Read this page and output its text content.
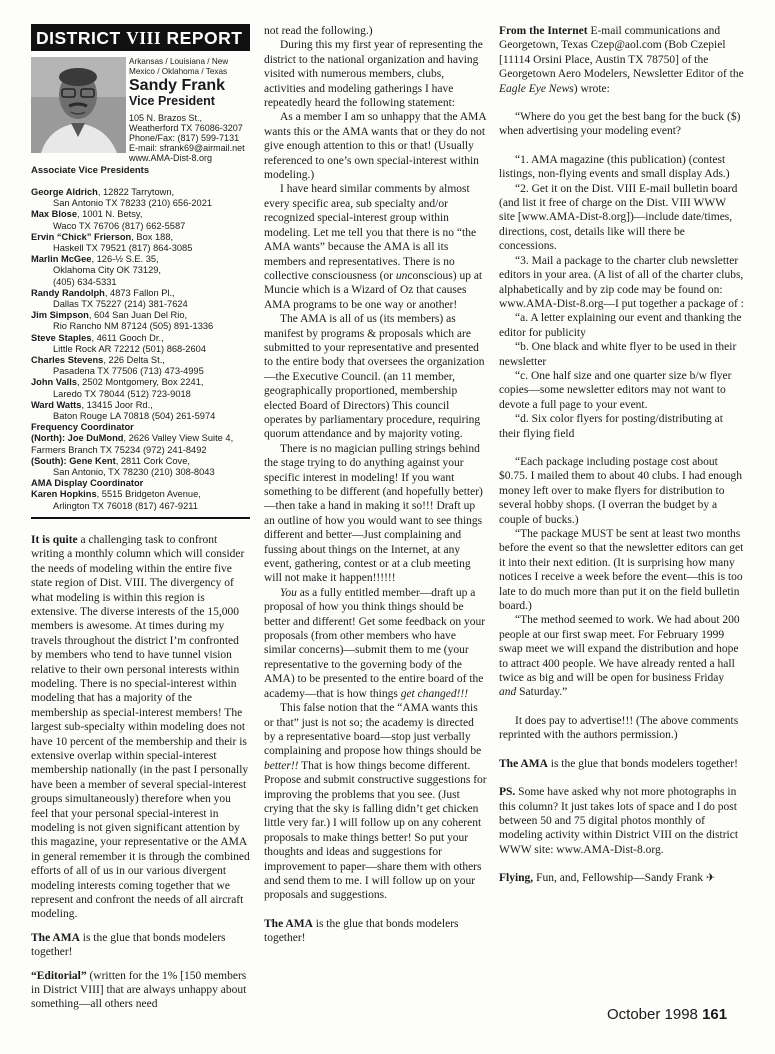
DISTRICT VIII REPORT
Arkansas / Louisiana / New
Mexico / Oklahoma / Texas
Sandy Frank
Vice President
105 N. Brazos St.,
Weatherford TX 76086-3207
Phone/Fax: (817) 599-7131
E-mail: sfrank69@airmail.net
www.AMA-Dist-8.org
Associate Vice Presidents
George Aldrich, 12822 Tarrytown,
San Antonio TX 78233 (210) 656-2021
Max Blose, 1001 N. Betsy,
Waco TX 76706 (817) 662-5587
Ervin “Chick” Frierson, Box 188,
Haskell TX 79521 (817) 864-3085
Marlin McGee, 126-½ S.E. 35,
Oklahoma City OK 73129,
(405) 634-5331
Randy Randolph, 4873 Fallon Pl.,
Dallas TX 75227 (214) 381-7624
Jim Simpson, 604 San Juan Del Rio,
Rio Rancho NM 87124 (505) 891-1336
Steve Staples, 4611 Gooch Dr.,
Little Rock AR 72212 (501) 868-2604
Charles Stevens, 226 Delta St.,
Pasadena TX 77506 (713) 473-4995
John Valls, 2502 Montgomery, Box 2241,
Laredo TX 78044 (512) 723-9018
Ward Watts, 13415 Joor Rd.,
Baton Rouge LA 70818 (504) 261-5974
Frequency Coordinator
(North): Joe DuMond, 2626 Valley View Suite 4,
Farmers Branch TX 75234 (972) 241-8492
(South): Gene Kent, 2811 Cork Cove,
San Antonio, TX 78230 (210) 308-8043
AMA Display Coordinator
Karen Hopkins, 5515 Bridgeton Avenue,
Arlington TX 76018 (817) 467-9211

It is quite a challenging task to confront writing a monthly column which will consider the needs of modeling within the entire five state region of Dist. VIII. The divergency of what modeling is within this region is extensive. The diverse interests of the 15,000 members is awesome. At times during my travels throughout the district I’m confronted by members who tend to have tunnel vision relative to their own personal interests within modeling. There is no special-interest within modeling that has a majority of the membership as special-interest members! The largest sub-specialty within modeling does not have 10 percent of the membership and their is extensive overlap within special-interest membership nationally (in the past I personally have been a member of several special-interest groups simultaneously) therefore when you feel that your personal special-interest in modeling is not given significant attention by this magazine, your representative or the AMA in general remember it is through the combined efforts of all of us in our various divergent modeling interests coming together that we represent and confront the needs of all aircraft modeling.

The AMA is the glue that bonds modelers together!

“Editorial” (written for the 1% [150 members in District VIII] that are always unhappy about something—all others need

not read the following.)

During this my first year of representing the district to the national organization and having visited with numerous members, clubs, activities and modeling gatherings I have repeatedly heard the following statement:

As a member I am so unhappy that the AMA wants this or the AMA wants that or they do not give enough attention to this or that! (Usually referenced to one’s own special-interest within modeling.)

I have heard similar comments by almost every specific area, sub specialty and/or recognized special-interest group within modeling. Let me tell you that there is no “the AMA wants” because the AMA is all its members and representatives. There is no collective consciousness (or unconscious) up at Muncie which is a Wizard of Oz that causes AMA programs to be one way or another!

The AMA is all of us (its members) as manifest by programs & proposals which are submitted to your representative and presented to the entire body that oversees the organization—the Executive Council. (an 11 member, geographically proportioned, membership elected Board of Directors) This council operates by parliamentary procedure, requiring quorum attendance and by majority voting.

There is no magician pulling strings behind the stage trying to do anything against your specific interest in modeling! If you want something to be different (and hopefully better)—then take a hand in making it so!!! Draft up an outline of how you would want to see things different and better—Just complaining and fussing about things on the Internet, at any event, gathering, contest or at a club meeting will not make it happen!!!!!!

You as a fully entitled member—draft up a proposal of how you think things should be better and different! Get some feedback on your proposals (from other members who have similar concerns)—submit them to me (your representative to the governing body of the AMA) to be presented to the entire board of the academy—that is how things get changed!!!

This false notion that the “AMA wants this or that” just is not so; the academy is directed by a representative board—stop just verbally complaining and propose how things should be better!! That is how things become different. Propose and submit constructive suggestions for improving the problems that you see. (Just crying that the sky is falling didn’t get chicken little very far.) I will follow up on any coherent proposals to make things better! So put your thoughts and ideas and suggestions for improvement to paper—share them with others and send them to me. I will follow up on your proposals and suggestions.

The AMA is the glue that bonds modelers together!

From the Internet E-mail communications and Georgetown, Texas Czep@aol.com (Bob Czepiel [11114 Orsini Place, Austin TX 78750] of the Georgetown Aero Modelers, Newsletter Editor of the Eagle Eye News) wrote:

“Where do you get the best bang for the buck ($) when advertising your modeling event?

“1. AMA magazine (this publication) (contest listings, non-flying events and small display Ads.)

“2. Get it on the Dist. VIII E-mail bulletin board (and list it free of charge on the Dist. VIII WWW site [www.AMA-Dist-8.org])—include date/times, directions, cost, details like will there be concessions.

“3. Mail a package to the charter club newsletter editors in your area. (A list of all of the charter clubs, alphabetically and by zip code may be found on: www.AMA-Dist-8.org—I put together a package of :

“a. A letter explaining our event and thanking the editor for publicity

“b. One black and white flyer to be used in their newsletter

“c. One half size and one quarter size b/w flyer copies—some newsletter editors may not want to devote a full page to your event.

“d. Six color flyers for posting/distributing at their flying field

“Each package including postage cost about $0.75. I mailed them to about 40 clubs. I had enough money left over to make flyers for distribution to several hobby shops. (I overran the budget by a couple of bucks.)

“The package MUST be sent at least two months before the event so that the newsletter editors can get it into their next edition. (It is surprising how many notices I receive a week before the event—this is too late to do much more than put it on the field bulletin board.)

“The method seemed to work. We had about 200 people at our first swap meet. For February 1999 swap meet we will expand the distribution and hope to attract 400 people. We have already rented a hall twice as big and will be open for business Friday and Saturday.”

It does pay to advertise!!! (The above comments reprinted with the authors permission.)

The AMA is the glue that bonds modelers together!

PS. Some have asked why not more photographs in this column? It just takes lots of space and I do post between 50 and 75 digital photos monthly of modeling activity within District VIII on the district WWW site: www.AMA-Dist-8.org.

Flying, Fun, and, Fellowship—Sandy Frank ✈

October 1998 161
